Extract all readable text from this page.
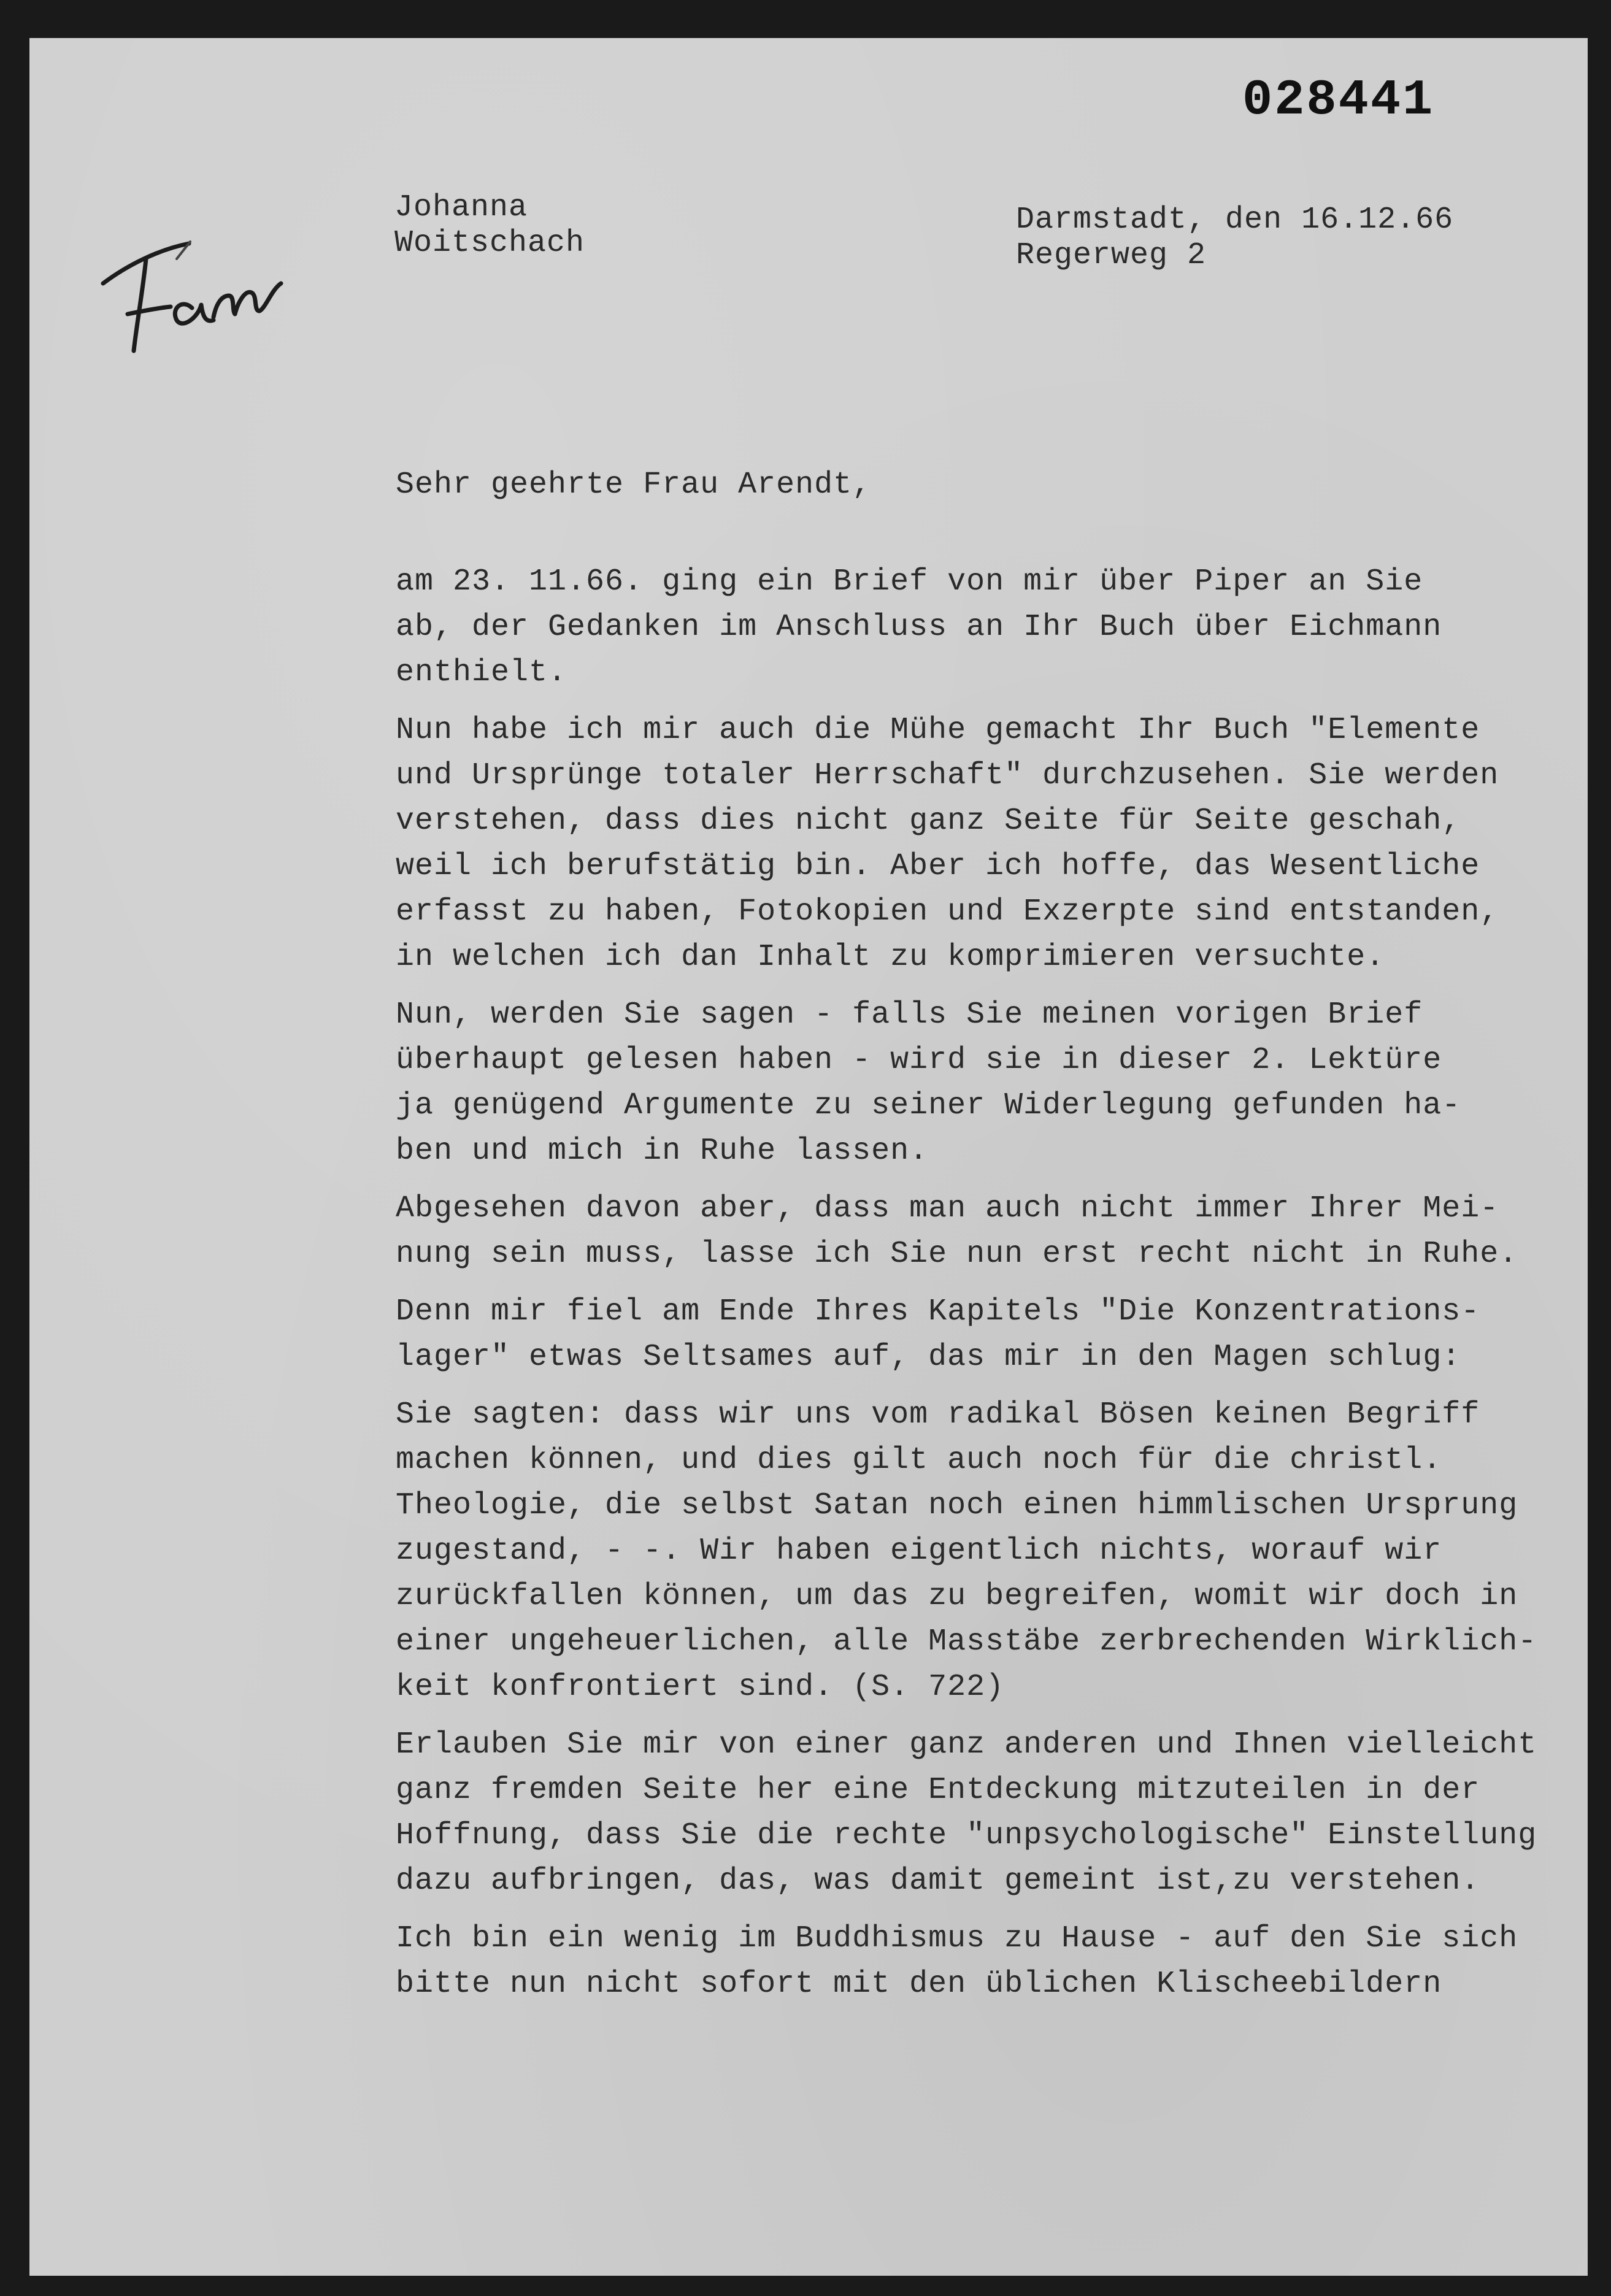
028441
Johanna
Woitschach
Darmstadt, den 16.12.66
Regerweg 2
Sehr geehrte Frau Arendt,
am 23. 11.66. ging ein Brief von mir über Piper an Sie
ab, der Gedanken im Anschluss an Ihr Buch über Eichmann
enthielt.
Nun habe ich mir auch die Mühe gemacht Ihr Buch "Elemente
und Ursprünge totaler Herrschaft" durchzusehen. Sie werden
verstehen, dass dies nicht ganz Seite für Seite geschah,
weil ich berufstätig bin. Aber ich hoffe, das Wesentliche
erfasst zu haben, Fotokopien und Exzerpte sind entstanden,
in welchen ich dan Inhalt zu komprimieren versuchte.
Nun, werden Sie sagen - falls Sie meinen vorigen Brief
überhaupt gelesen haben - wird sie in dieser 2. Lektüre
ja genügend Argumente zu seiner Widerlegung gefunden ha-
ben und mich in Ruhe lassen.
Abgesehen davon aber, dass man auch nicht immer Ihrer Mei-
nung sein muss, lasse ich Sie nun erst recht nicht in Ruhe.
Denn mir fiel am Ende Ihres Kapitels "Die Konzentrations-
lager" etwas Seltsames auf, das mir in den Magen schlug:
Sie sagten: dass wir uns vom radikal Bösen keinen Begriff
machen können, und dies gilt auch noch für die christl.
Theologie, die selbst Satan noch einen himmlischen Ursprung
zugestand, - -. Wir haben eigentlich nichts, worauf wir
zurückfallen können, um das zu begreifen, womit wir doch in
einer ungeheuerlichen, alle Masstäbe zerbrechenden Wirklich-
keit konfrontiert sind. (S. 722)
Erlauben Sie mir von einer ganz anderen und Ihnen vielleicht
ganz fremden Seite her eine Entdeckung mitzuteilen in der
Hoffnung, dass Sie die rechte "unpsychologische" Einstellung
dazu aufbringen, das, was damit gemeint ist,zu verstehen.
Ich bin ein wenig im Buddhismus zu Hause - auf den Sie sich
bitte nun nicht sofort mit den üblichen Klischeebildern
